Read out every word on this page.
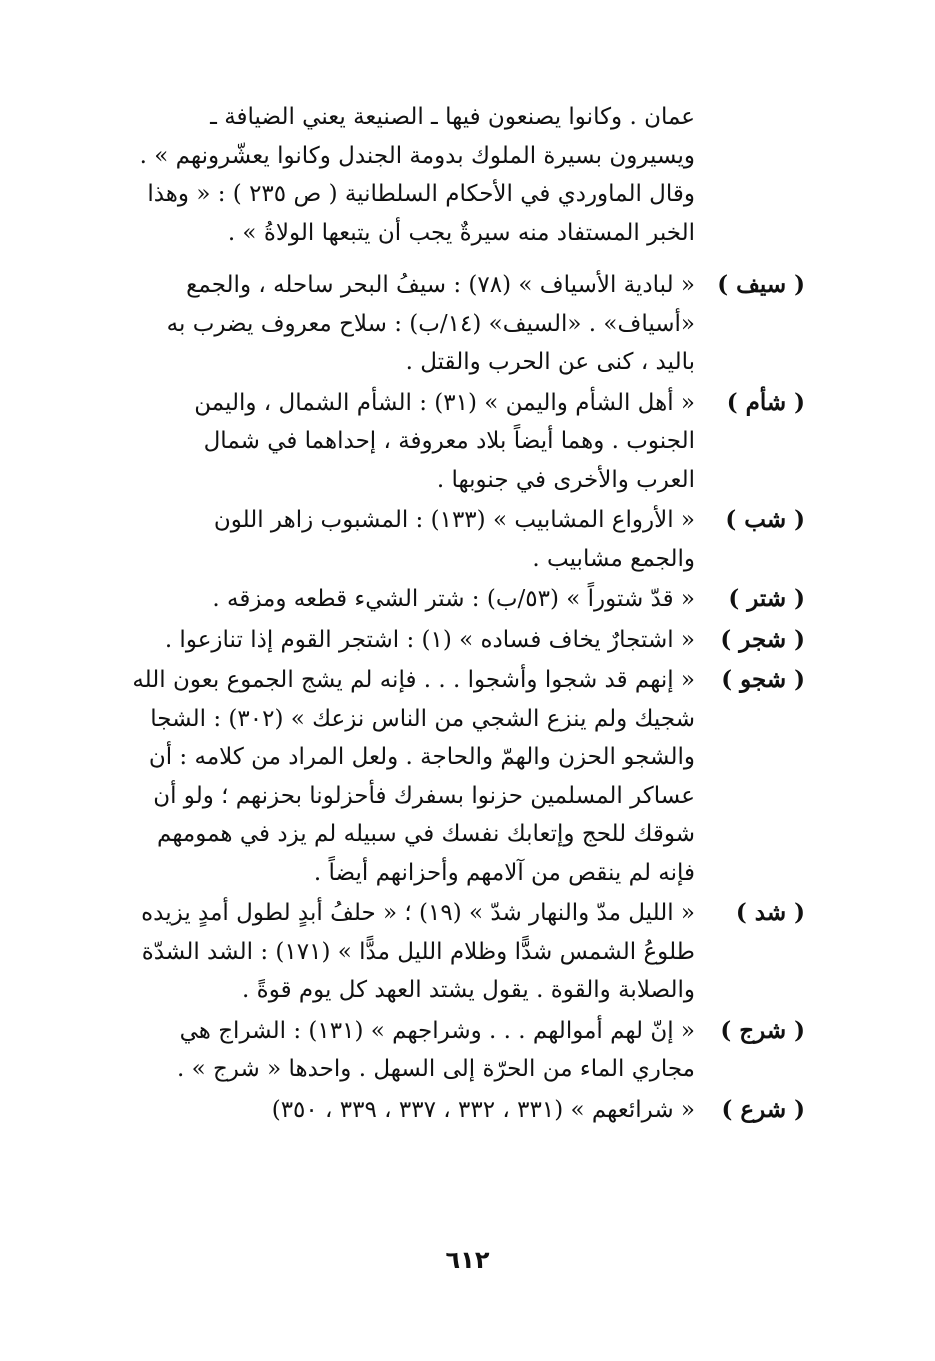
عمان . وكانوا يصنعون فيها ـ الصنيعة يعني الضيافة ـ
ويسيرون بسيرة الملوك بدومة الجندل وكانوا يعشّرونهم » .
وقال الماوردي في الأحكام السلطانية ( ص ٢٣٥ ) : « وهذا
الخبر المستفاد منه سيرةٌ يجب أن يتبعها الولاةُ » .
( سيف )
« لبادية الأسياف » (٧٨) : سيفُ البحر ساحله ، والجمع
«أسياف» . «السيف» (١٤/ب) : سلاح معروف يضرب به
باليد ، كنى عن الحرب والقتل .
( شأم )
« أهل الشأم واليمن » (٣١) : الشأم الشمال ، واليمن
الجنوب . وهما أيضاً بلاد معروفة ، إحداهما في شمال
العرب والأخرى في جنوبها .
( شب )
« الأرواع المشابيب » (١٣٣) : المشبوب زاهر اللون
والجمع مشابيب .
( شتر )
« قدّ شتوراً » (٥٣/ب) : شتر الشيء قطعه ومزقه .
( شجر )
« اشتجارٌ يخاف فساده » (١) : اشتجر القوم إذا تنازعوا .
( شجو )
« إنهم قد شجوا وأشجوا . . . فإنه لم يشج الجموع بعون الله
شجيك ولم ينزع الشجي من الناس نزعك » (٣٠٢) : الشجا
والشجو الحزن والهمّ والحاجة . ولعل المراد من كلامه : أن
عساكر المسلمين حزنوا بسفرك فأحزلونا بحزنهم ؛ ولو أن
شوقك للحج وإتعابك نفسك في سبيله لم يزد في همومهم
فإنه لم ينقص من آلامهم وأحزانهم أيضاً .
( شد )
« الليل مدّ والنهار شدّ » (١٩) ؛ « حلفُ أبدٍ لطول أمدٍ يزيده
طلوعُ الشمس شدًّا وظلام الليل مدًّا » (١٧١) : الشد الشدّة
والصلابة والقوة . يقول يشتد العهد كل يوم قوةً .
( شرج )
« إنّ لهم أموالهم . . . وشراجهم » (١٣١) : الشراج هي
مجاري الماء من الحرّة إلى السهل . واحدها « شرج » .
( شرع )
« شرائعهم » (٣٣١ ، ٣٣٢ ، ٣٣٧ ، ٣٣٩ ، ٣٥٠)
٦١٢
